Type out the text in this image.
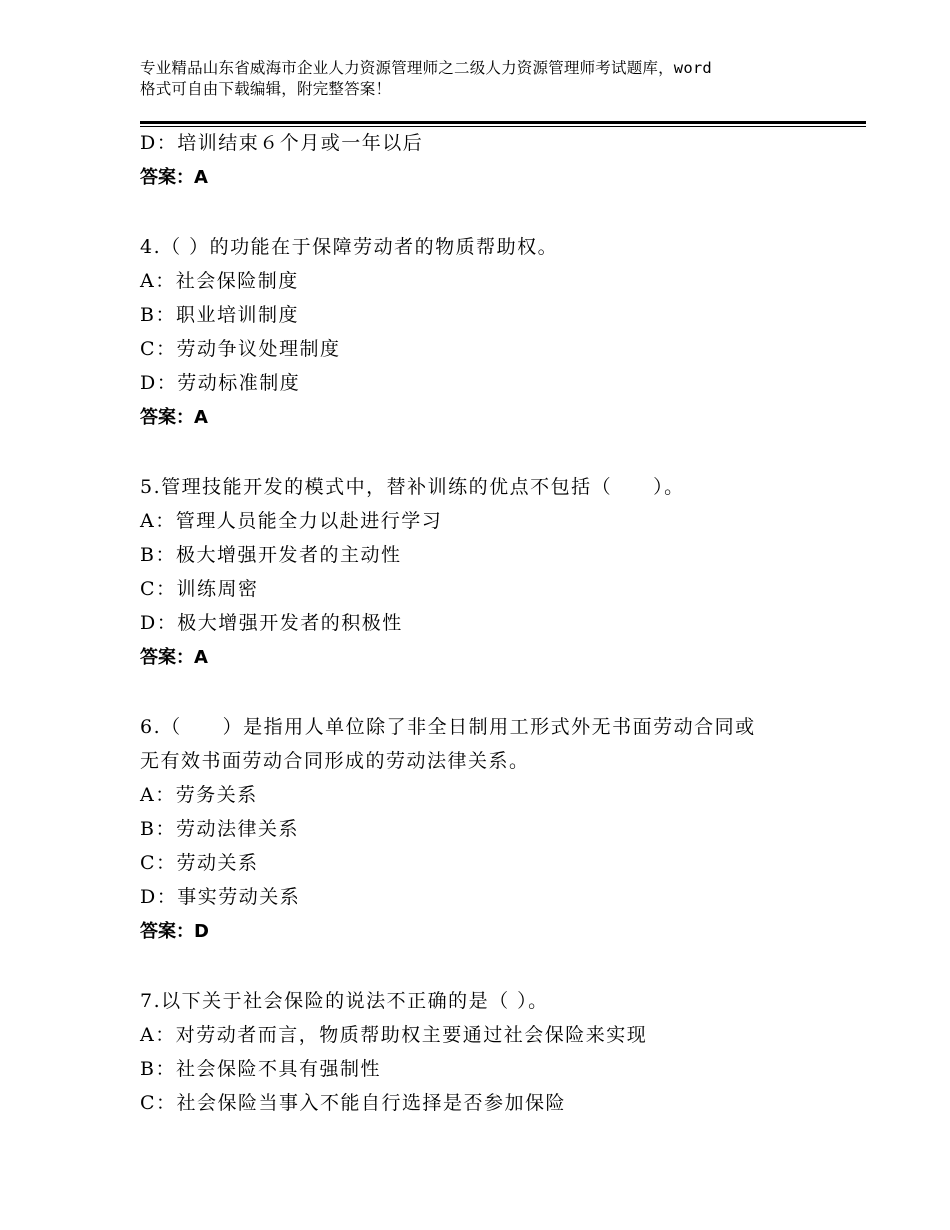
专业精品山东省威海市企业人力资源管理师之二级人力资源管理师考试题库，word
格式可自由下载编辑，附完整答案！
D：培训结束６个月或一年以后
答案：A
4.（ ）的功能在于保障劳动者的物质帮助权。
A：社会保险制度
B：职业培训制度
C：劳动争议处理制度
D：劳动标准制度
答案：A
5.管理技能开发的模式中，替补训练的优点不包括（　　）。
A：管理人员能全力以赴进行学习
B：极大增强开发者的主动性
C：训练周密
D：极大增强开发者的积极性
答案：A
6.（　　）是指用人单位除了非全日制用工形式外无书面劳动合同或
无有效书面劳动合同形成的劳动法律关系。
A：劳务关系
B：劳动法律关系
C：劳动关系
D：事实劳动关系
答案：D
7.以下关于社会保险的说法不正确的是（ ）。
A：对劳动者而言，物质帮助权主要通过社会保险来实现
B：社会保险不具有强制性
C：社会保险当事入不能自行选择是否参加保险
